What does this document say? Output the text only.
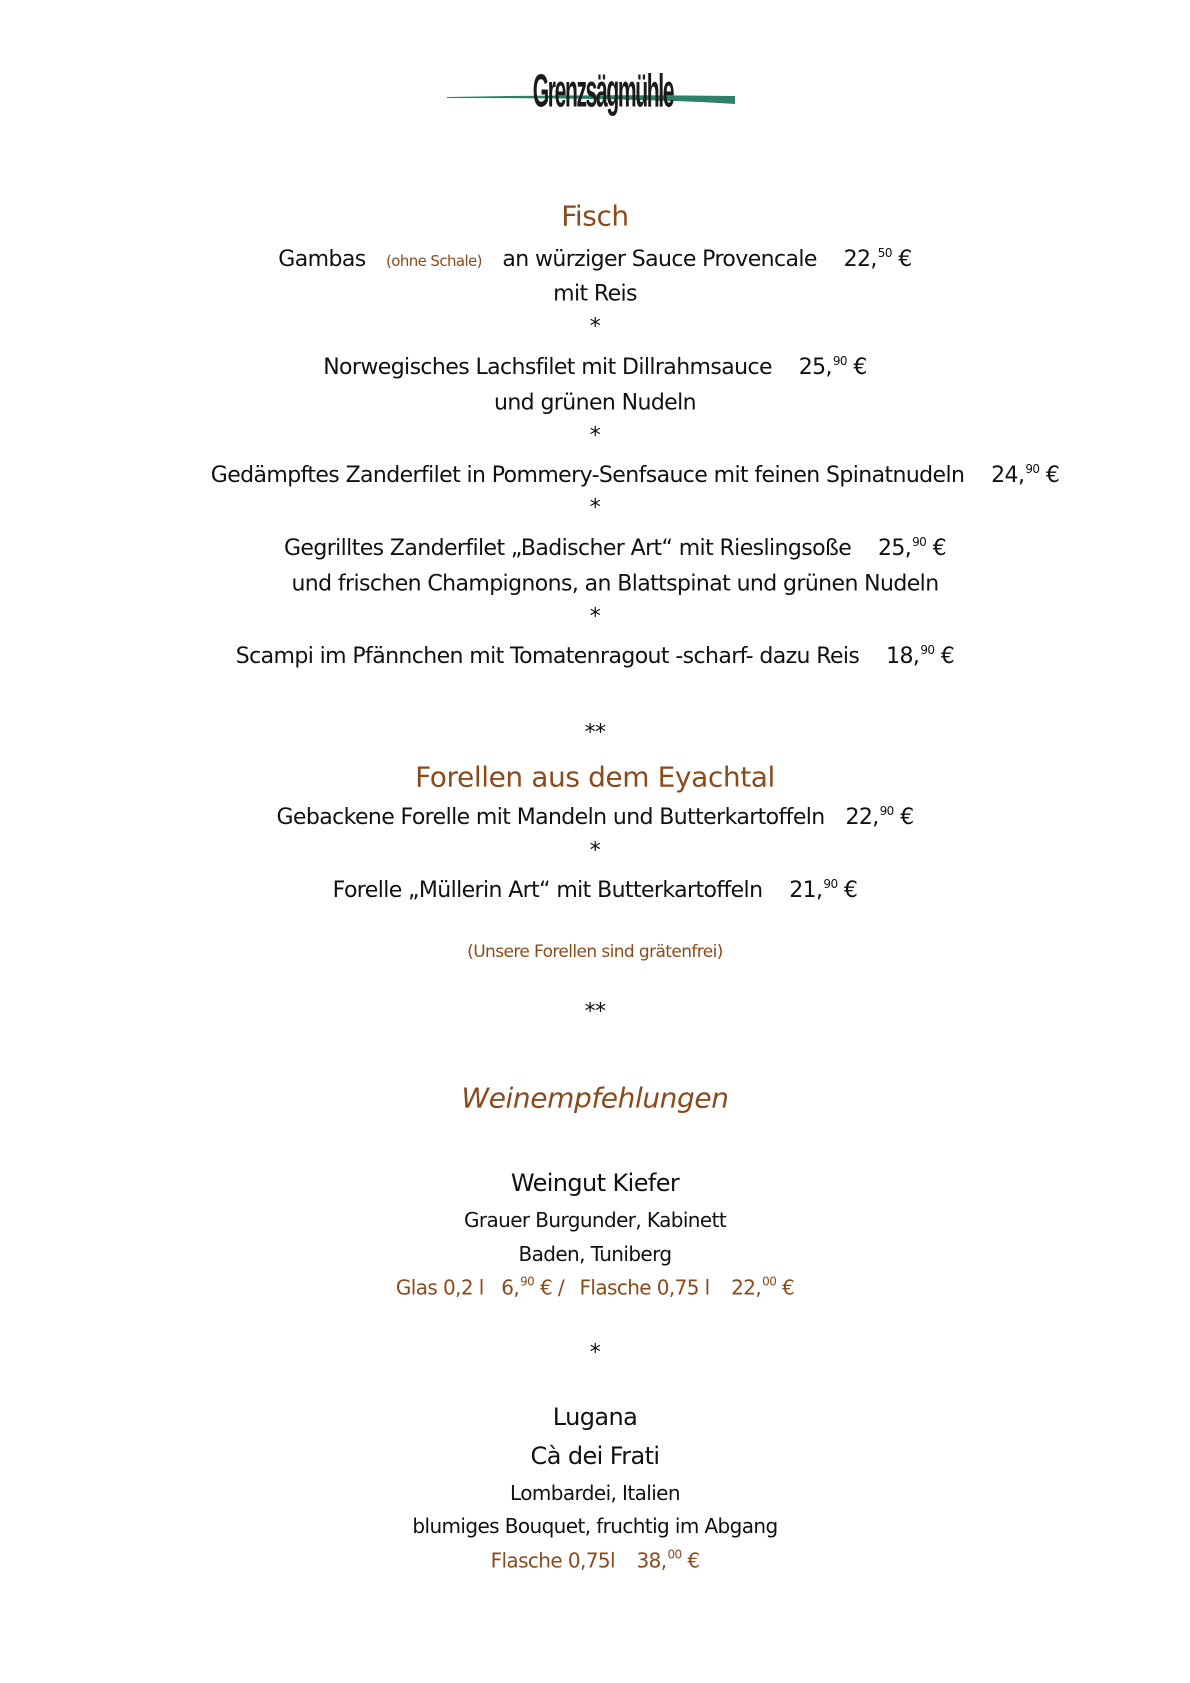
Grenzsägmühle
Fisch
Gambas (ohne Schale) an würziger Sauce Provencale 22,50 €
mit Reis
*
Norwegisches Lachsfilet mit Dillrahmsauce 25,90 €
und grünen Nudeln
*
Gedämpftes Zanderfilet in Pommery-Senfsauce mit feinen Spinatnudeln 24,90 €
*
Gegrilltes Zanderfilet „Badischer Art“ mit Rieslingsoße 25,90 €
und frischen Champignons, an Blattspinat und grünen Nudeln
*
Scampi im Pfännchen mit Tomatenragout -scharf- dazu Reis 18,90 €
**
Forellen aus dem Eyachtal
Gebackene Forelle mit Mandeln und Butterkartoffeln 22,90 €
*
Forelle „Müllerin Art“ mit Butterkartoffeln 21,90 €
(Unsere Forellen sind grätenfrei)
**
Weinempfehlungen
Weingut Kiefer
Grauer Burgunder, Kabinett
Baden, Tuniberg
Glas 0,2 l 6,90 € / Flasche 0,75 l 22,00 €
*
Lugana
Cà dei Frati
Lombardei, Italien
blumiges Bouquet, fruchtig im Abgang
Flasche 0,75l 38,00 €
